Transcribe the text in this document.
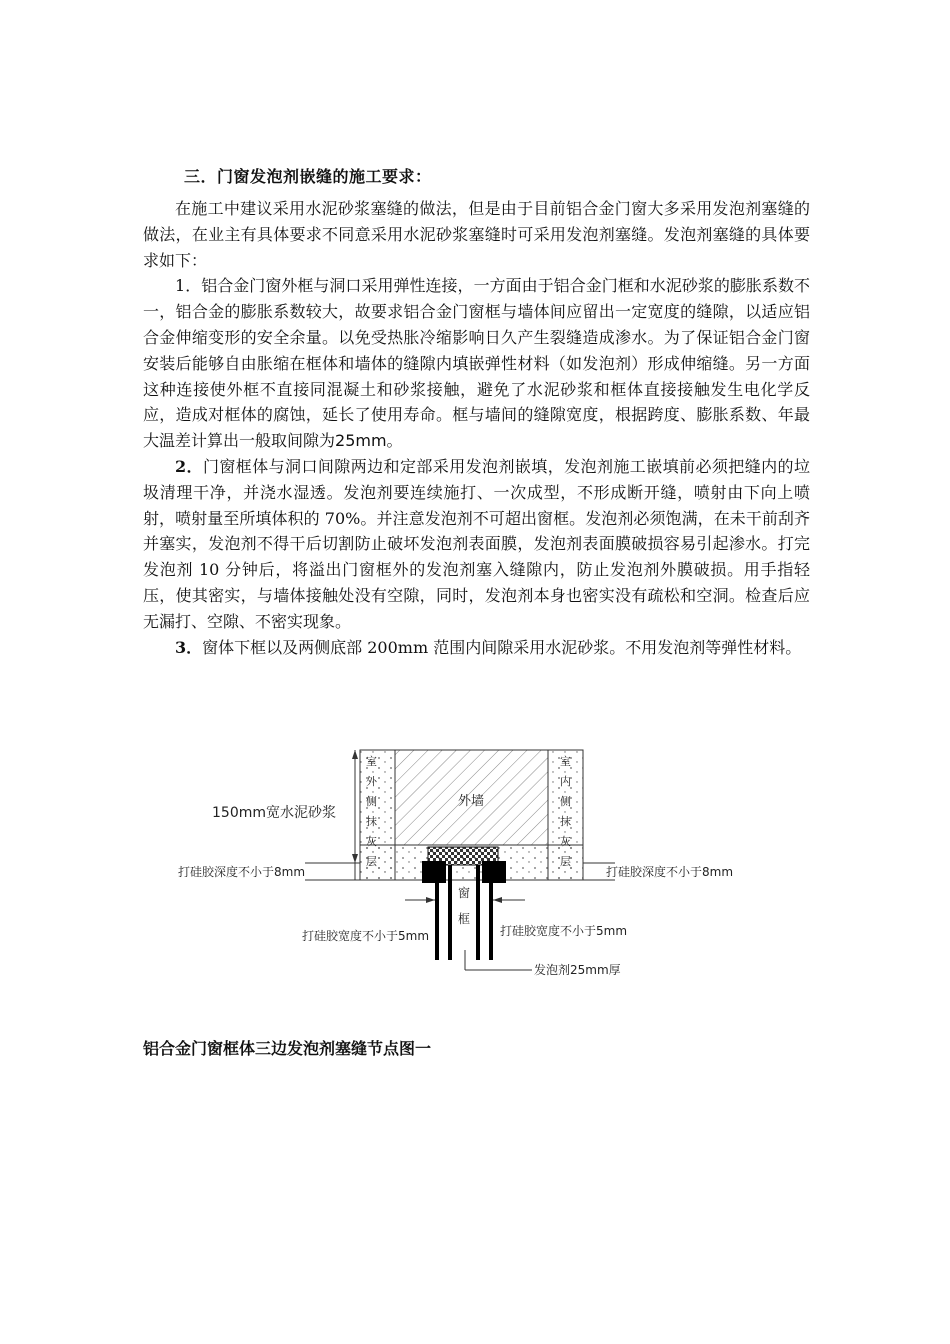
三．门窗发泡剂嵌缝的施工要求：

在施工中建议采用水泥砂浆塞缝的做法，但是由于目前铝合金门窗大多采用发泡剂塞缝的做法，在业主有具体要求不同意采用水泥砂浆塞缝时可采用发泡剂塞缝。发泡剂塞缝的具体要求如下：

1．铝合金门窗外框与洞口采用弹性连接，一方面由于铝合金门框和水泥砂浆的膨胀系数不一，铝合金的膨胀系数较大，故要求铝合金门窗框与墙体间应留出一定宽度的缝隙，以适应铝合金伸缩变形的安全余量。以免受热胀冷缩影响日久产生裂缝造成渗水。为了保证铝合金门窗安装后能够自由胀缩在框体和墙体的缝隙内填嵌弹性材料（如发泡剂）形成伸缩缝。另一方面这种连接使外框不直接同混凝土和砂浆接触，避免了水泥砂浆和框体直接接触发生电化学反应，造成对框体的腐蚀，延长了使用寿命。框与墙间的缝隙宽度，根据跨度、膨胀系数、年最大温差计算出一般取间隙为25mm。

2．门窗框体与洞口间隙两边和定部采用发泡剂嵌填，发泡剂施工嵌填前必须把缝内的垃圾清理干净，并浇水湿透。发泡剂要连续施打、一次成型，不形成断开缝，喷射由下向上喷射，喷射量至所填体积的 70%。并注意发泡剂不可超出窗框。发泡剂必须饱满，在未干前刮齐并塞实，发泡剂不得干后切割防止破坏发泡剂表面膜，发泡剂表面膜破损容易引起渗水。打完发泡剂 10 分钟后，将溢出门窗框外的发泡剂塞入缝隙内，防止发泡剂外膜破损。用手指轻压，使其密实，与墙体接触处没有空隙，同时，发泡剂本身也密实没有疏松和空洞。检查后应无漏打、空隙、不密实现象。

3．窗体下框以及两侧底部 200mm 范围内间隙采用水泥砂浆。不用发泡剂等弹性材料。

150mm宽水泥砂浆
外墙
室
外
侧
抹
灰
层
室
内
侧
抹
灰
层
打硅胶深度不小于8mm	打硅胶深度不小于8mm
打硅胶宽度不小于5mm	打硅胶宽度不小于5mm
窗
框
发泡剂25mm厚
铝合金门窗框体三边发泡剂塞缝节点图一
